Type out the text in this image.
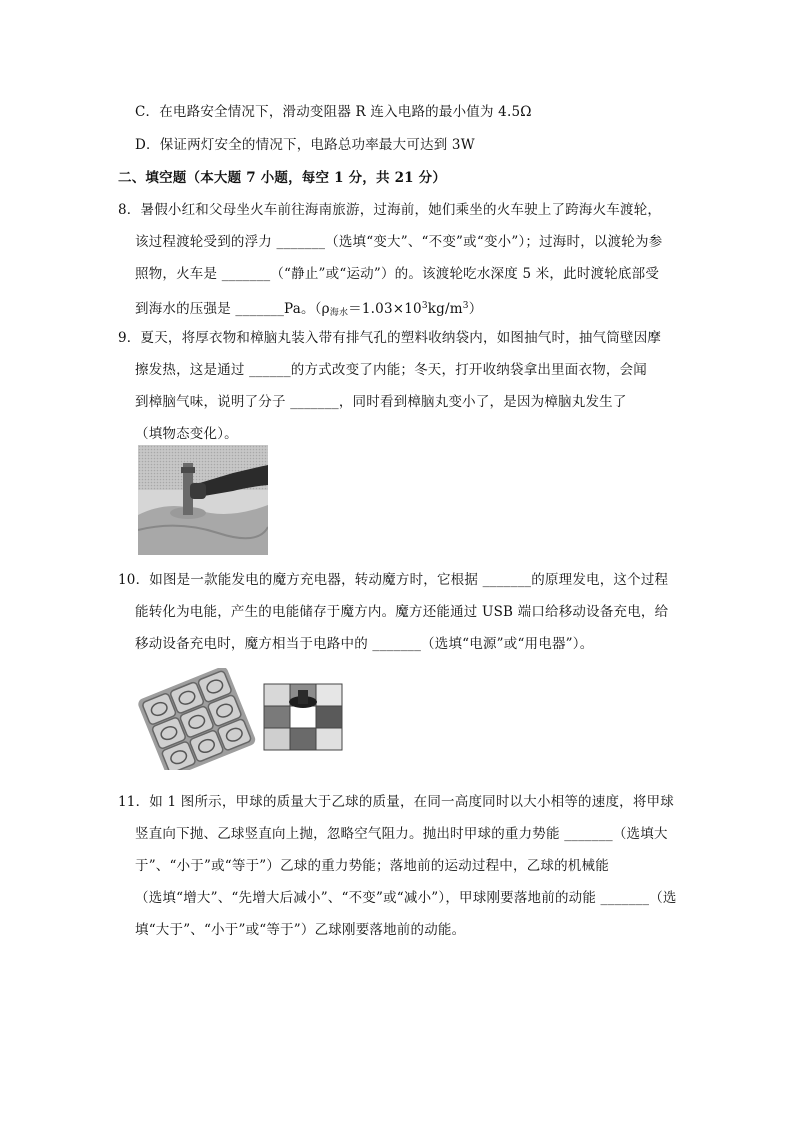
C．在电路安全情况下，滑动变阻器 R 连入电路的最小值为 4.5Ω
D．保证两灯安全的情况下，电路总功率最大可达到 3W
二、填空题（本大题 7 小题，每空 1 分，共 21 分）
8．暑假小红和父母坐火车前往海南旅游，过海前，她们乘坐的火车驶上了跨海火车渡轮，
该过程渡轮受到的浮力 _______（选填“变大”、“不变”或“变小”）；过海时，以渡轮为参
照物，火车是 _______（“静止”或“运动”）的。该渡轮吃水深度 5 米，此时渡轮底部受
到海水的压强是 _______Pa。$(\rho_{海水}=1.03\times 10^3kg/m^3)$
9．夏天，将厚衣物和樟脑丸装入带有排气孔的塑料收纳袋内，如图抽气时，抽气筒壁因摩
擦发热，这是通过 ______的方式改变了内能；冬天，打开收纳袋拿出里面衣物，会闻
到樟脑气味，说明了分子 _______，同时看到樟脑丸变小了，是因为樟脑丸发生了
（填物态变化）。
10．如图是一款能发电的魔方充电器，转动魔方时，它根据 _______的原理发电，这个过程
能转化为电能，产生的电能储存于魔方内。魔方还能通过 USB 端口给移动设备充电，给
移动设备充电时，魔方相当于电路中的 _______（选填“电源”或“用电器”）。
11．如 1 图所示，甲球的质量大于乙球的质量，在同一高度同时以大小相等的速度，将甲球
竖直向下抛、乙球竖直向上抛，忽略空气阻力。抛出时甲球的重力势能 _______（选填大
于”、“小于”或“等于”）乙球的重力势能；落地前的运动过程中，乙球的机械能
（选填“增大”、“先增大后减小”、“不变”或“减小”），甲球刚要落地前的动能 _______（选
填“大于”、“小于”或“等于”）乙球刚要落地前的动能。
